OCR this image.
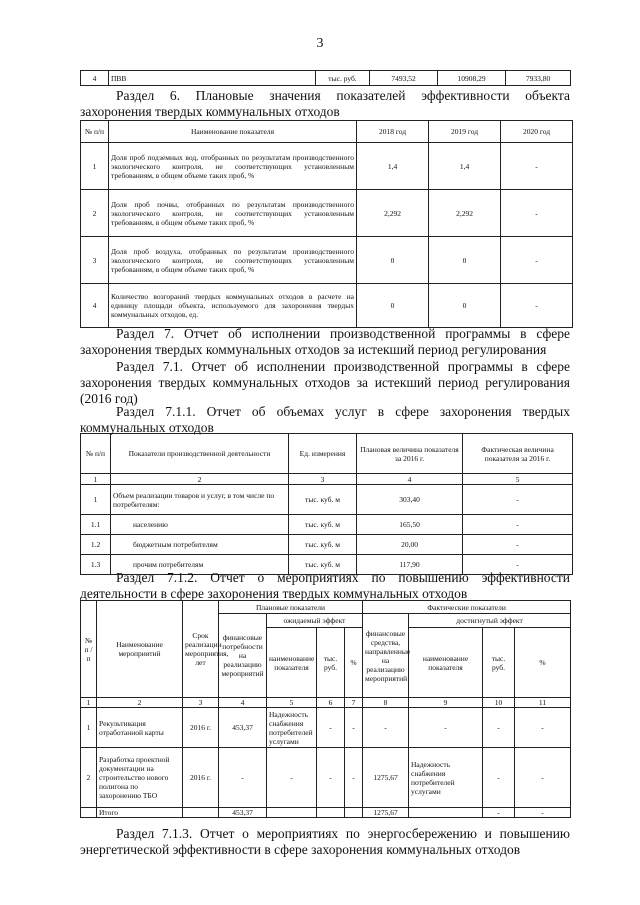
3
4	ПВВ	тыс. руб.	7493,52	10908,29	7933,80
Раздел 6. Плановые значения показателей эффективности объекта захоронения твердых коммунальных отходов
№ п/п	Наименование показателя	2018 год	2019 год	2020 год
1	Доля проб подземных вод, отобранных по результатам производственного экологического контроля, не соответствующих установленным требованиям, в общем объеме таких проб, %	1,4	1,4	-
2	Доля проб почвы, отобранных по результатам производственного экологического контроля, не соответствующих установленным требованиям, в общем объеме таких проб, %	2,292	2,292	-
3	Доля проб воздуха, отобранных по результатам производственного экологического контроля, не соответствующих установленным требованиям, в общем объеме таких проб, %	0	0	-
4	Количество возгораний твердых коммунальных отходов в расчете на единицу площади объекта, используемого для захоронения твердых коммунальных отходов, ед.	0	0	-
Раздел 7. Отчет об исполнении производственной программы в сфере захоронения твердых коммунальных отходов за истекший период регулирования
Раздел 7.1. Отчет об исполнении производственной программы в сфере захоронения твердых коммунальных отходов за истекший период регулирования (2016 год)
Раздел 7.1.1. Отчет об объемах услуг в сфере захоронения твердых коммунальных отходов
№ п/п	Показатели производственной деятельности	Ед. измерения	Плановая величина показателя за 2016 г.	Фактическая величина показателя за 2016 г.
1	2	3	4	5
1	Объем реализации товаров и услуг, в том числе по потребителям:	тыс. куб. м	303,40	-
1.1	населению	тыс. куб. м	165,50	-
1.2	бюджетным потребителям	тыс. куб. м	20,00	-
1.3	прочим потребителям	тыс. куб. м	117,90	-
Раздел 7.1.2. Отчет о мероприятиях по повышению эффективности деятельности в сфере захоронения твердых коммунальных отходов
№ п / п	Наименование мероприятий	Срок реализации мероприятия, лет	Плановые показатели				Фактические показатели			
			финансовые потребности на реализацию мероприятий	ожидаемый эффект			финансовые средства, направленные на реализацию мероприятий	достигнутый эффект		
				наименование показателя	тыс. руб.	%		наименование показателя	тыс. руб.	%
1	2	3	4	5	6	7	8	9	10	11
1	Рекультивация отработанной карты	2016 г.	453,37	Надежность снабжения потребителей услугами	-	-	-	-	-	-
2	Разработка проектной документации на строительство нового полигона по захоронению ТБО	2016 г.	-	-	-	-	1275,67	Надежность снабжения потребителей услугами	-	-
	Итого		453,37				1275,67		-	-
Раздел 7.1.3. Отчет о мероприятиях по энергосбережению и повышению энергетической эффективности в сфере захоронения коммунальных отходов
